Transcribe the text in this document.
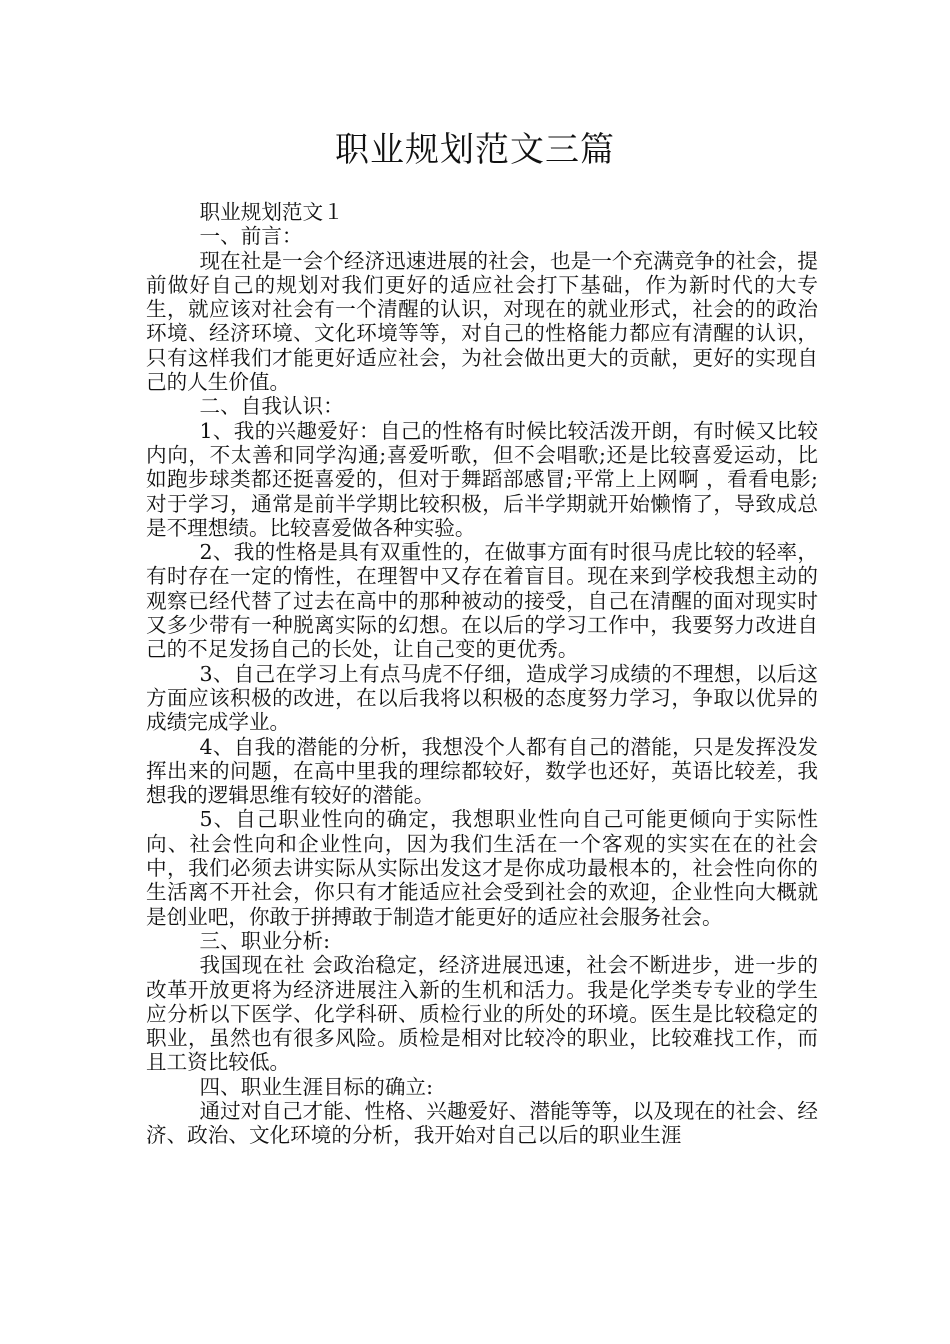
职业规划范文三篇

职业规划范文１

一、前言：

现在社是一会个经济迅速进展的社会，也是一个充满竞争的社会，提前做好自己的规划对我们更好的适应社会打下基础，作为新时代的大专生，就应该对社会有一个清醒的认识，对现在的就业形式，社会的的政治环境、经济环境、文化环境等等，对自己的性格能力都应有清醒的认识，只有这样我们才能更好适应社会，为社会做出更大的贡献，更好的实现自己的人生价值。

二、自我认识：

1、我的兴趣爱好：自己的性格有时候比较活泼开朗，有时候又比较内向，不太善和同学沟通;喜爱听歌，但不会唱歌;还是比较喜爱运动，比如跑步球类都还挺喜爱的，但对于舞蹈部感冒;平常上上网啊 ，看看电影;对于学习，通常是前半学期比较积极，后半学期就开始懒惰了，导致成总是不理想绩。比较喜爱做各种实验。

2、我的性格是具有双重性的，在做事方面有时很马虎比较的轻率，有时存在一定的惰性，在理智中又存在着盲目。现在来到学校我想主动的观察已经代替了过去在高中的那种被动的接受，自己在清醒的面对现实时又多少带有一种脱离实际的幻想。在以后的学习工作中，我要努力改进自己的不足发扬自己的长处，让自己变的更优秀。

3、自己在学习上有点马虎不仔细，造成学习成绩的不理想，以后这方面应该积极的改进，在以后我将以积极的态度努力学习，争取以优异的成绩完成学业。

4、自我的潜能的分析，我想没个人都有自己的潜能，只是发挥没发挥出来的问题，在高中里我的理综都较好，数学也还好，英语比较差，我想我的逻辑思维有较好的潜能。

5、自己职业性向的确定，我想职业性向自己可能更倾向于实际性向、社会性向和企业性向，因为我们生活在一个客观的实实在在的社会中，我们必须去讲实际从实际出发这才是你成功最根本的，社会性向你的生活离不开社会，你只有才能适应社会受到社会的欢迎，企业性向大概就是创业吧，你敢于拼搏敢于制造才能更好的适应社会服务社会。

三、职业分析:

我国现在社 会政治稳定，经济进展迅速，社会不断进步，进一步的改革开放更将为经济进展注入新的生机和活力。我是化学类专专业的学生应分析以下医学、化学科研、质检行业的所处的环境。医生是比较稳定的职业，虽然也有很多风险。质检是相对比较冷的职业，比较难找工作，而且工资比较低。

四、职业生涯目标的确立:

通过对自己才能、性格、兴趣爱好、潜能等等，以及现在的社会、经济、政治、文化环境的分析，我开始对自己以后的职业生涯
